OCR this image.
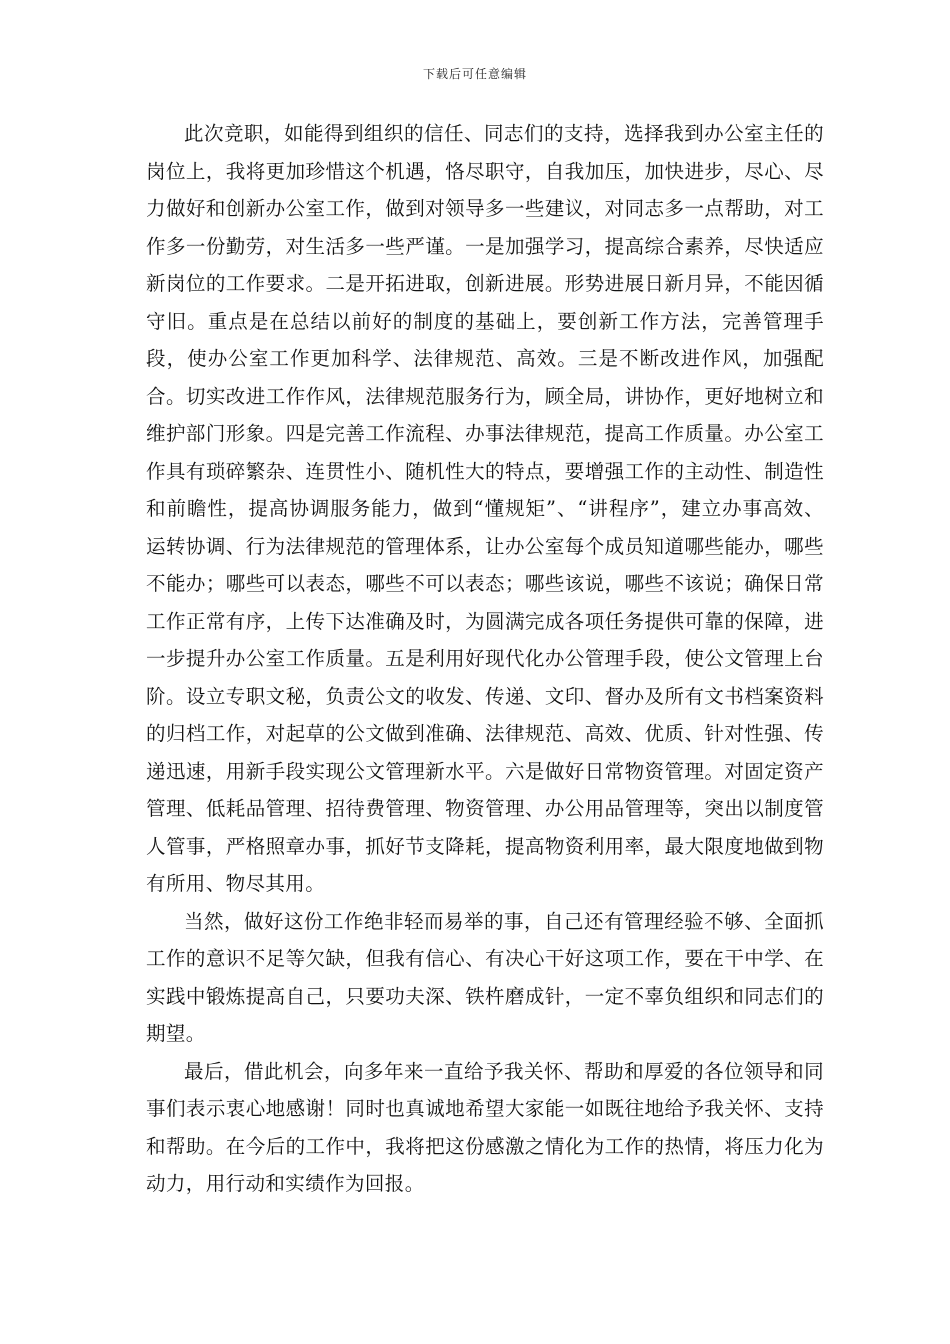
下载后可任意编辑

此次竞职，如能得到组织的信任、同志们的支持，选择我到办公室主任的岗位上，我将更加珍惜这个机遇，恪尽职守，自我加压，加快进步，尽心、尽力做好和创新办公室工作，做到对领导多一些建议，对同志多一点帮助，对工作多一份勤劳，对生活多一些严谨。一是加强学习，提高综合素养，尽快适应新岗位的工作要求。二是开拓进取，创新进展。形势进展日新月异，不能因循守旧。重点是在总结以前好的制度的基础上，要创新工作方法，完善管理手段，使办公室工作更加科学、法律规范、高效。三是不断改进作风，加强配合。切实改进工作作风，法律规范服务行为，顾全局，讲协作，更好地树立和维护部门形象。四是完善工作流程、办事法律规范，提高工作质量。办公室工作具有琐碎繁杂、连贯性小、随机性大的特点，要增强工作的主动性、制造性和前瞻性，提高协调服务能力，做到“懂规矩”、“讲程序”，建立办事高效、运转协调、行为法律规范的管理体系，让办公室每个成员知道哪些能办，哪些不能办；哪些可以表态，哪些不可以表态；哪些该说，哪些不该说；确保日常工作正常有序，上传下达准确及时，为圆满完成各项任务提供可靠的保障，进一步提升办公室工作质量。五是利用好现代化办公管理手段，使公文管理上台阶。设立专职文秘，负责公文的收发、传递、文印、督办及所有文书档案资料的归档工作，对起草的公文做到准确、法律规范、高效、优质、针对性强、传递迅速，用新手段实现公文管理新水平。六是做好日常物资管理。对固定资产管理、低耗品管理、招待费管理、物资管理、办公用品管理等，突出以制度管人管事，严格照章办事，抓好节支降耗，提高物资利用率，最大限度地做到物有所用、物尽其用。

当然，做好这份工作绝非轻而易举的事，自己还有管理经验不够、全面抓工作的意识不足等欠缺，但我有信心、有决心干好这项工作，要在干中学、在实践中锻炼提高自己，只要功夫深、铁杵磨成针，一定不辜负组织和同志们的期望。

最后，借此机会，向多年来一直给予我关怀、帮助和厚爱的各位领导和同事们表示衷心地感谢！同时也真诚地希望大家能一如既往地给予我关怀、支持和帮助。在今后的工作中，我将把这份感激之情化为工作的热情，将压力化为动力，用行动和实绩作为回报。
